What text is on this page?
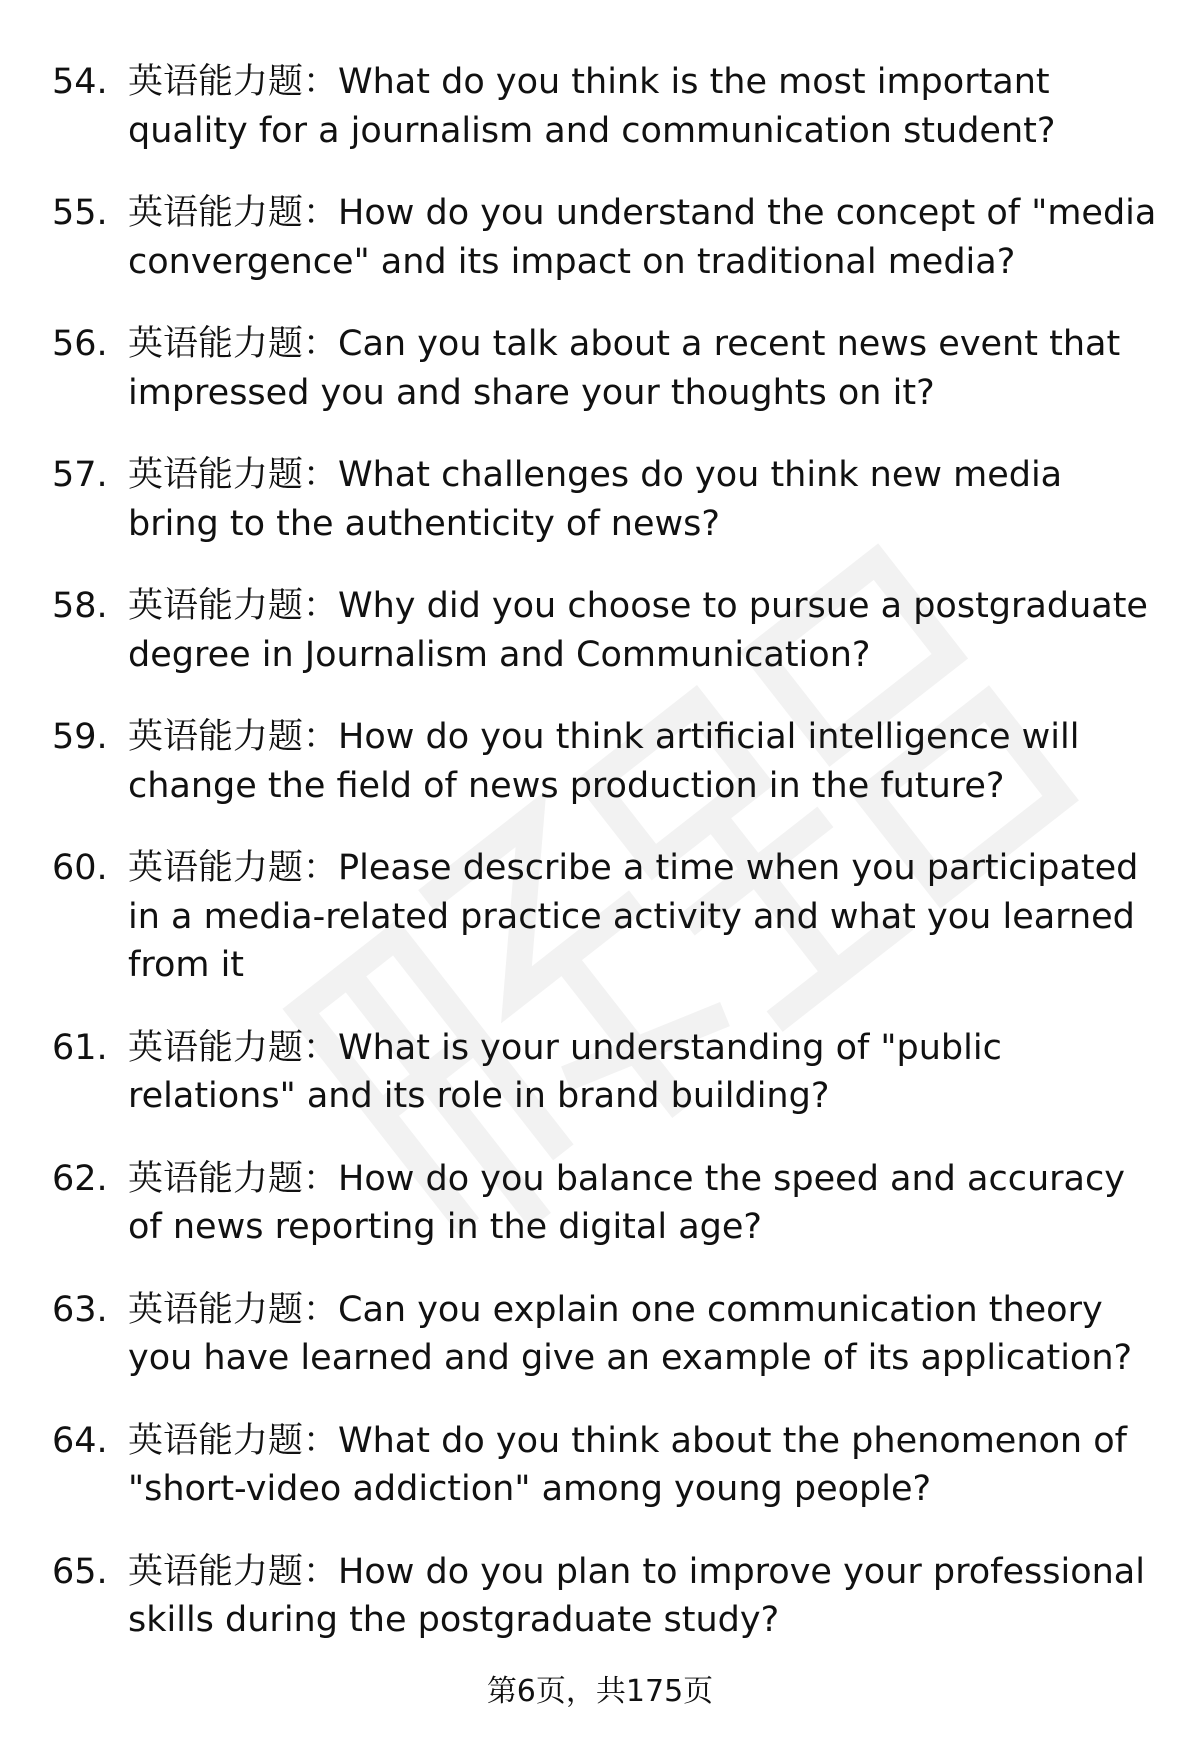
54. 英语能力题：What do you think is the most important quality for a journalism and communication student?
55. 英语能力题：How do you understand the concept of "media convergence" and its impact on traditional media?
56. 英语能力题：Can you talk about a recent news event that impressed you and share your thoughts on it?
57. 英语能力题：What challenges do you think new media bring to the authenticity of news?
58. 英语能力题：Why did you choose to pursue a postgraduate degree in Journalism and Communication?
59. 英语能力题：How do you think artificial intelligence will change the field of news production in the future?
60. 英语能力题：Please describe a time when you participated in a media-related practice activity and what you learned from it
61. 英语能力题：What is your understanding of "public relations" and its role in brand building?
62. 英语能力题：How do you balance the speed and accuracy of news reporting in the digital age?
63. 英语能力题：Can you explain one communication theory you have learned and give an example of its application?
64. 英语能力题：What do you think about the phenomenon of "short-video addiction" among young people?
65. 英语能力题：How do you plan to improve your professional skills during the postgraduate study?
第6页，共175页
